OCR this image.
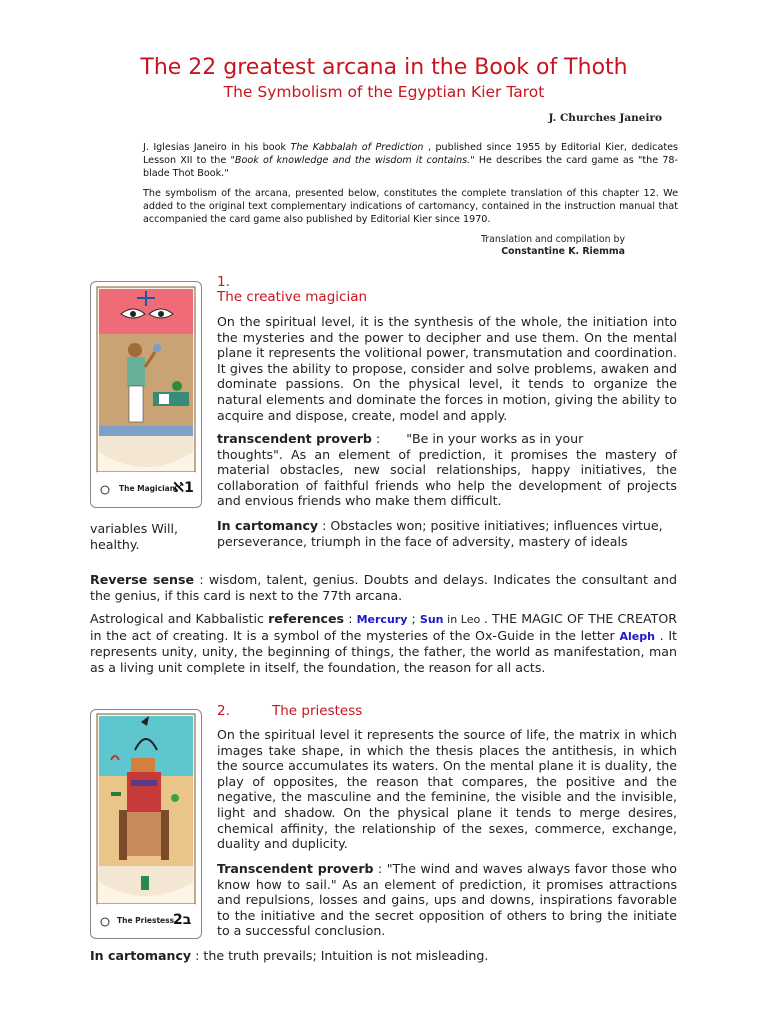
The 22 greatest arcana in the Book of Thoth
The Symbolism of the Egyptian Kier Tarot
J. Churches Janeiro
J. Iglesias Janeiro in his book The Kabbalah of Prediction , published since 1955 by Editorial Kier, dedicates Lesson XII to the "Book of knowledge and the wisdom it contains." He describes the card game as "the 78-blade Thot Book."
The symbolism of the arcana, presented below, constitutes the complete translation of this chapter 12. We added to the original text complementary indications of cartomancy, contained in the instruction manual that accompanied the card game also published by Editorial Kier since 1970.
Translation and compilation by
Constantine K. Riemma
The Magician
ℵ1
1.
The creative magician
On the spiritual level, it is the synthesis of the whole, the initiation into the mysteries and the power to decipher and use them. On the mental plane it represents the volitional power, transmutation and coordination. It gives the ability to propose, consider and solve problems, awaken and dominate passions. On the physical level, it tends to organize the natural elements and dominate the forces in motion, giving the ability to acquire and dispose, create, model and apply.
transcendent proverb : "Be in your works as in your
thoughts". As an element of prediction, it promises the mastery of material obstacles, new social relationships, happy initiatives, the collaboration of faithful friends who help the development of projects and envious friends who make them difficult.
variables Will, healthy.
In cartomancy : Obstacles won; positive initiatives; influences virtue, perseverance, triumph in the face of adversity, mastery of ideals
Reverse sense : wisdom, talent, genius. Doubts and delays. Indicates the consultant and the genius, if this card is next to the 77th arcana.
Astrological and Kabbalistic references : Mercury ; Sun in Leo . THE MAGIC OF THE CREATOR in the act of creating. It is a symbol of the mysteries of the Ox-Guide in the letter Aleph . It represents unity, unity, the beginning of things, the father, the world as manifestation, man as a living unit complete in itself, the foundation, the reason for all acts.
The Priestess
ב2
2.	The priestess
On the spiritual level it represents the source of life, the matrix in which images take shape, in which the thesis places the antithesis, in which the source accumulates its waters. On the mental plane it is duality, the play of opposites, the reason that compares, the positive and the negative, the masculine and the feminine, the visible and the invisible, light and shadow. On the physical plane it tends to merge desires, chemical affinity, the relationship of the sexes, commerce, exchange, duality and duplicity.
Transcendent proverb : "The wind and waves always favor those who know how to sail." As an element of prediction, it promises attractions and repulsions, losses and gains, ups and downs, inspirations favorable to the initiative and the secret opposition of others to bring the initiate to a successful conclusion.
In cartomancy : the truth prevails; Intuition is not misleading.
